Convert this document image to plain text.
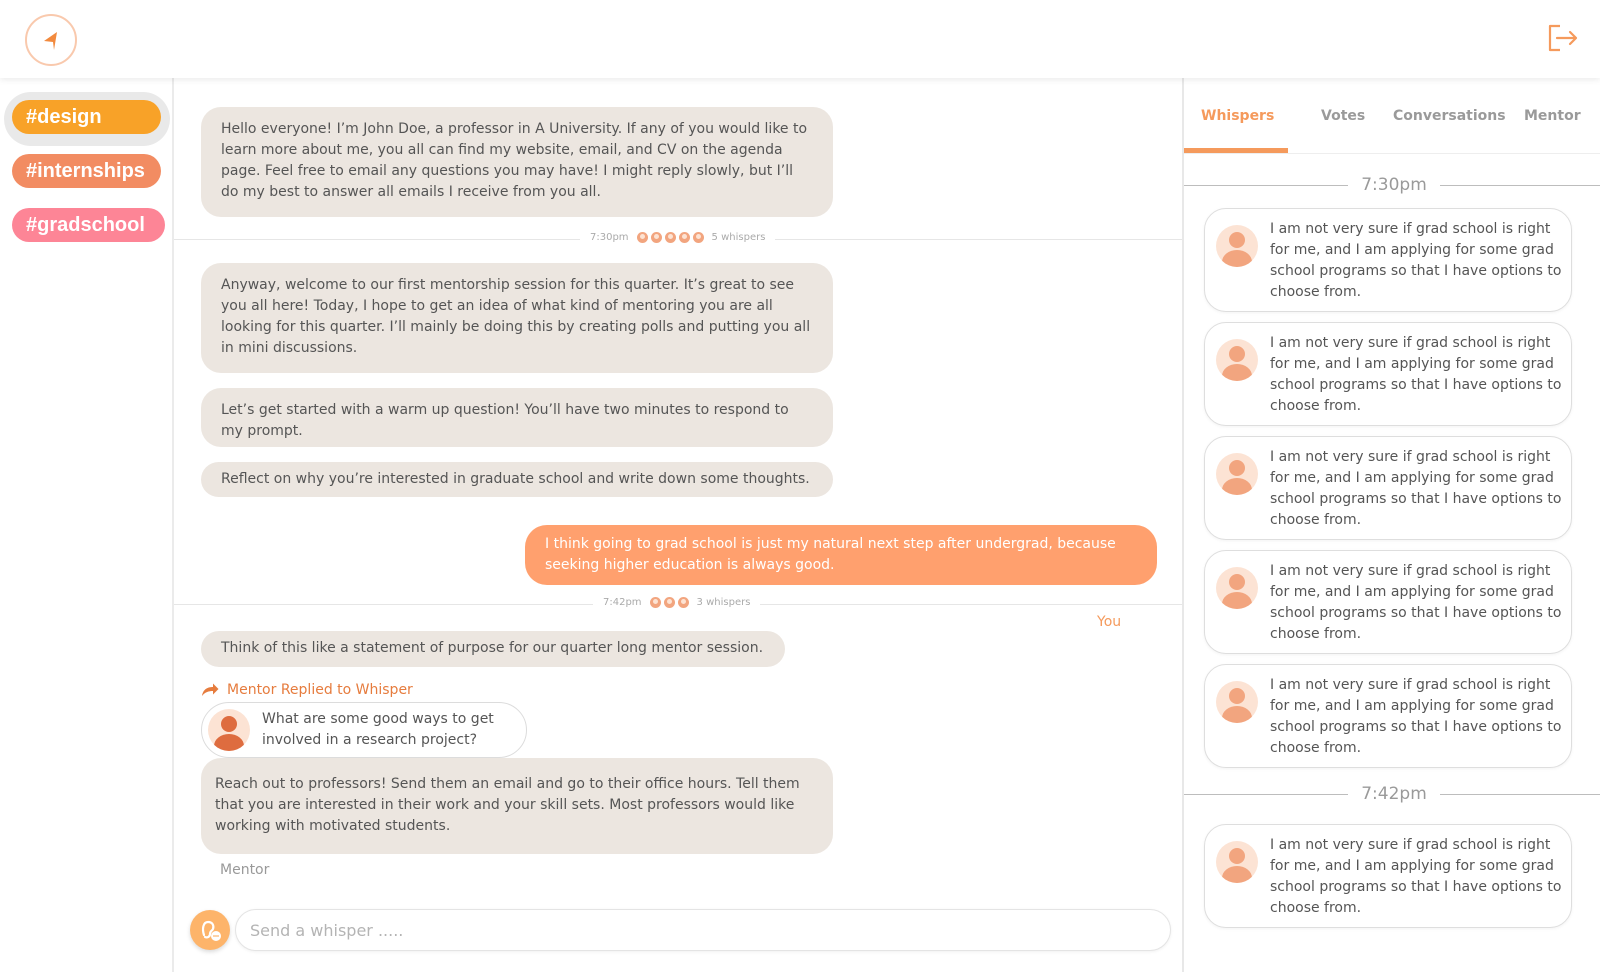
#design
#internships
#gradschool
Hello everyone! I’m John Doe, a professor in A University. If any of you would like to learn more about me, you all can find my website, email, and CV on the agenda page. Feel free to email any questions you may have! I might reply slowly, but I’ll do my best to answer all emails I receive from you all.
7:30pm	5 whispers
Anyway, welcome to our first mentorship session for this quarter. It’s great to see you all here! Today, I hope to get an idea of what kind of mentoring you are all looking for this quarter. I’ll mainly be doing this by creating polls and putting you all in mini discussions.
Let’s get started with a warm up question! You’ll have two minutes to respond to my prompt.
Reflect on why you’re interested in graduate school and write down some thoughts.
I think going to grad school is just my natural next step after undergrad, because seeking higher education is always good.
7:42pm	3 whispers
You
Think of this like a statement of purpose for our quarter long mentor session.
Mentor Replied to Whisper
Reach out to professors! Send them an email and go to their office hours. Tell them that you are interested in their work and your skill sets. Most professors would like working with motivated students.
What are some good ways to get involved in a research project?
Mentor
Send a whisper .....
Whispers	Votes Conversations Mentor
7:30pm
I am not very sure if grad school is right for me, and I am applying for some grad school programs so that I have options to choose from.
I am not very sure if grad school is right for me, and I am applying for some grad school programs so that I have options to choose from.
I am not very sure if grad school is right for me, and I am applying for some grad school programs so that I have options to choose from.
I am not very sure if grad school is right for me, and I am applying for some grad school programs so that I have options to choose from.
I am not very sure if grad school is right for me, and I am applying for some grad school programs so that I have options to choose from.
7:42pm
I am not very sure if grad school is right for me, and I am applying for some grad school programs so that I have options to choose from.
